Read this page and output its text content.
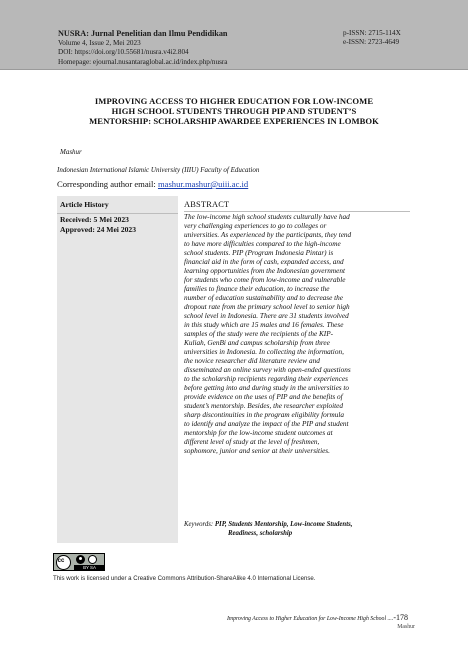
NUSRA: Jurnal Penelitian dan Ilmu Pendidikan
Volume 4, Issue 2, Mei 2023
DOI: https://doi.org/10.55681/nusra.v4i2.804
Homepage: ejournal.nusantaraglobal.ac.id/index.php/nusra
p-ISSN: 2715-114X
e-ISSN: 2723-4649
IMPROVING ACCESS TO HIGHER EDUCATION FOR LOW-INCOME
HIGH SCHOOL STUDENTS THROUGH PIP AND STUDENT’S
MENTORSHIP: SCHOLARSHIP AWARDEE EXPERIENCES IN LOMBOK
Mashur
Indonesian International Islamic University (IIIU) Faculty of Education
Corresponding author email: mashur.mashur@uiii.ac.id
Article History
Received: 5 Mei 2023
Approved: 24 Mei 2023
ABSTRACT
The low-income high school students culturally have had
very challenging experiences to go to colleges or
universities. As experienced by the participants, they tend
to have more difficulties compared to the high-income
school students. PIP (Program Indonesia Pintar) is
financial aid in the form of cash, expanded access, and
learning opportunities from the Indonesian government
for students who come from low-income and vulnerable
families to finance their education, to increase the
number of education sustainability and to decrease the
dropout rate from the primary school level to senior high
school level in Indonesia. There are 31 students involved
in this study which are 15 males and 16 females. These
samples of the study were the recipients of the KIP-
Kuliah, GenBi and campus scholarship from three
universities in Indonesia. In collecting the information,
the novice researcher did literature review and
disseminated an online survey with open-ended questions
to the scholarship recipients regarding their experiences
before getting into and during study in the universities to
provide evidence on the uses of PIP and the benefits of
student’s mentorship. Besides, the researcher exploited
sharp discontinuities in the program eligibility formula
to identify and analyze the impact of the PIP and student
mentorship for the low-income student outcomes at
different level of study at the level of freshmen,
sophomore, junior and senior at their universities.
Keywords: PIP, Students Mentorship, Low-income Students,
Readiness, scholarship
cc
BY SA
This work is licensed under a Creative Commons Attribution-ShareAlike 4.0 International License.
Improving Access to Higher Education for Low-Income High School ....-178
Mashur
